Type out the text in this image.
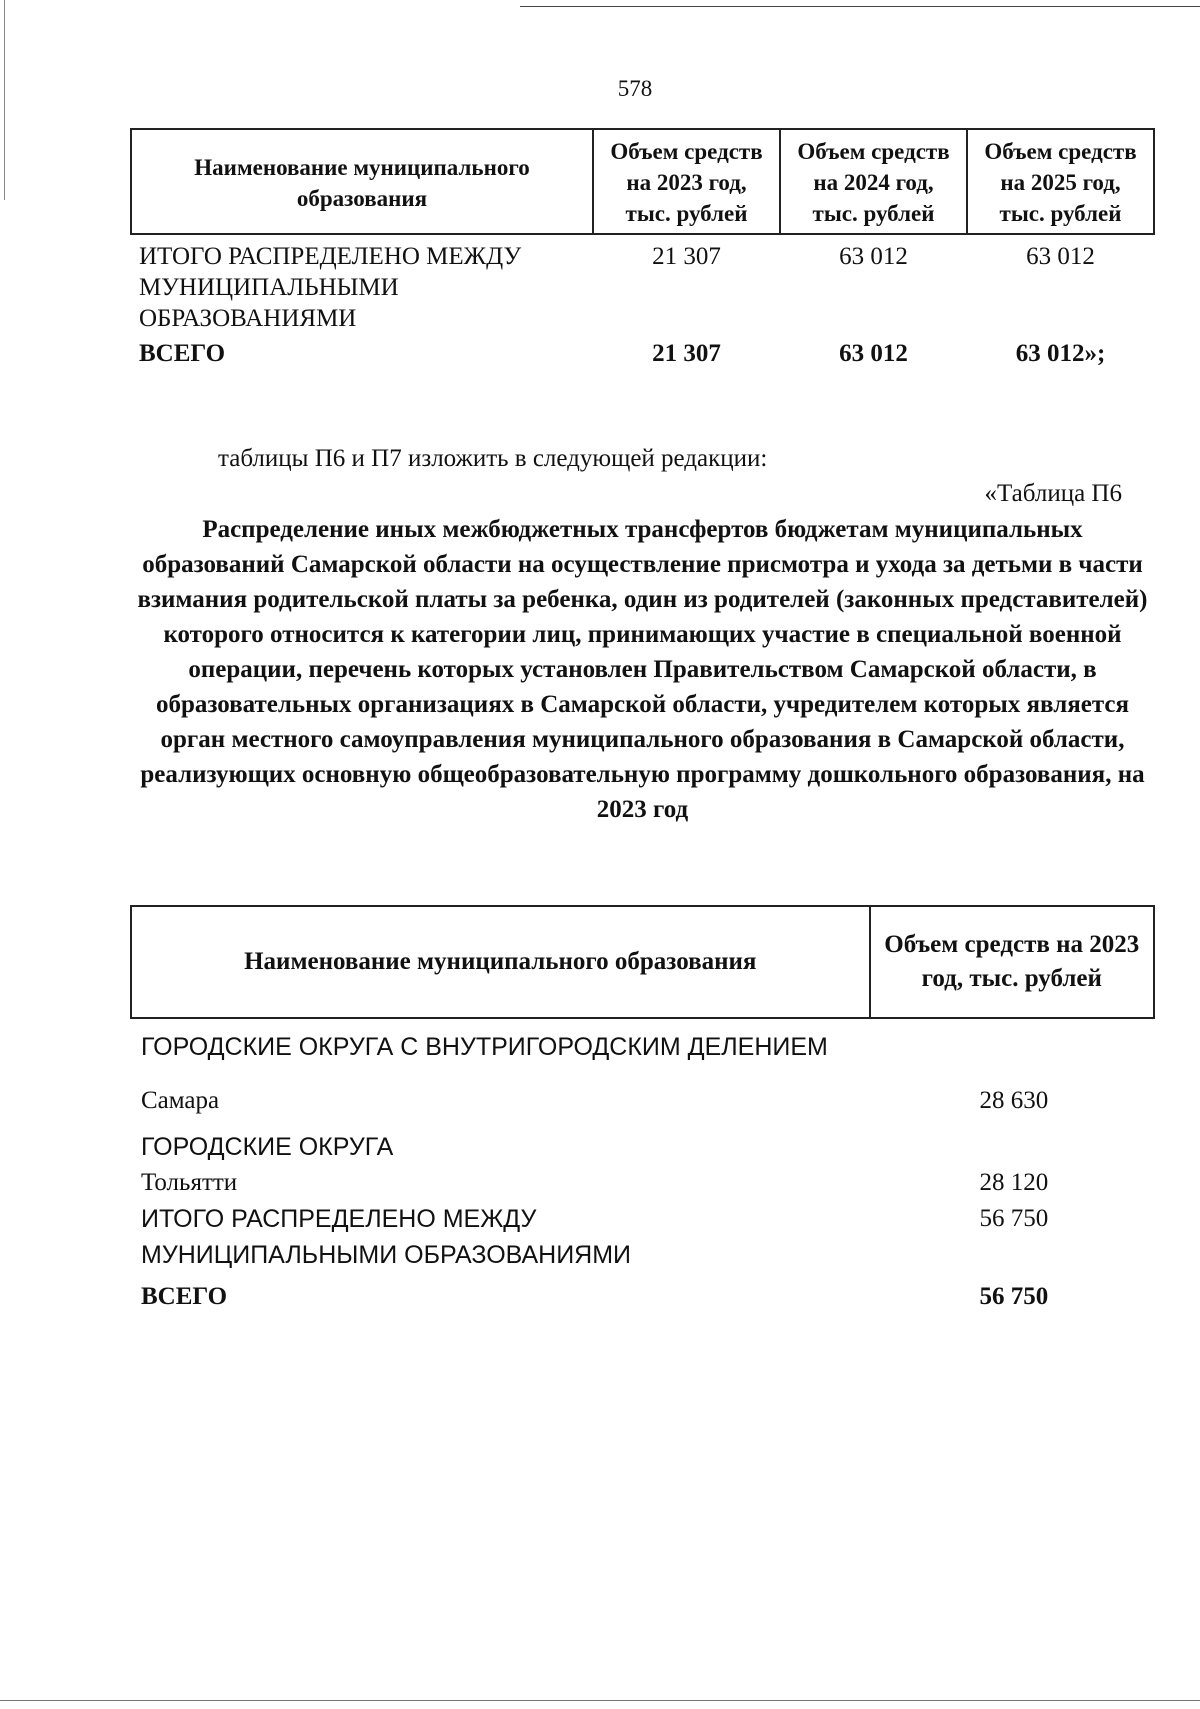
578
Наименование муниципального образования	Объем средств на 2023 год, тыс. рублей	Объем средств на 2024 год, тыс. рублей	Объем средств на 2025 год, тыс. рублей
ИТОГО РАСПРЕДЕЛЕНО МЕЖДУ МУНИЦИПАЛЬНЫМИ ОБРАЗОВАНИЯМИ	21 307	63 012	63 012
ВСЕГО	21 307	63 012	63 012»;
таблицы П6 и П7 изложить в следующей редакции:
«Таблица П6
Распределение иных межбюджетных трансфертов бюджетам муниципальных образований Самарской области на осуществление присмотра и ухода за детьми в части взимания родительской платы за ребенка, один из родителей (законных представителей) которого относится к категории лиц, принимающих участие в специальной военной операции, перечень которых установлен Правительством Самарской области, в образовательных организациях в Самарской области, учредителем которых является орган местного самоуправления муниципального образования в Самарской области, реализующих основную общеобразовательную программу дошкольного образования, на 2023 год
Наименование муниципального образования	Объем средств на 2023 год, тыс. рублей
ГОРОДСКИЕ ОКРУГА С ВНУТРИГОРОДСКИМ ДЕЛЕНИЕМ	
Самара	28 630
ГОРОДСКИЕ ОКРУГА	
Тольятти	28 120
ИТОГО РАСПРЕДЕЛЕНО МЕЖДУ МУНИЦИПАЛЬНЫМИ ОБРАЗОВАНИЯМИ	56 750
ВСЕГО	56 750
